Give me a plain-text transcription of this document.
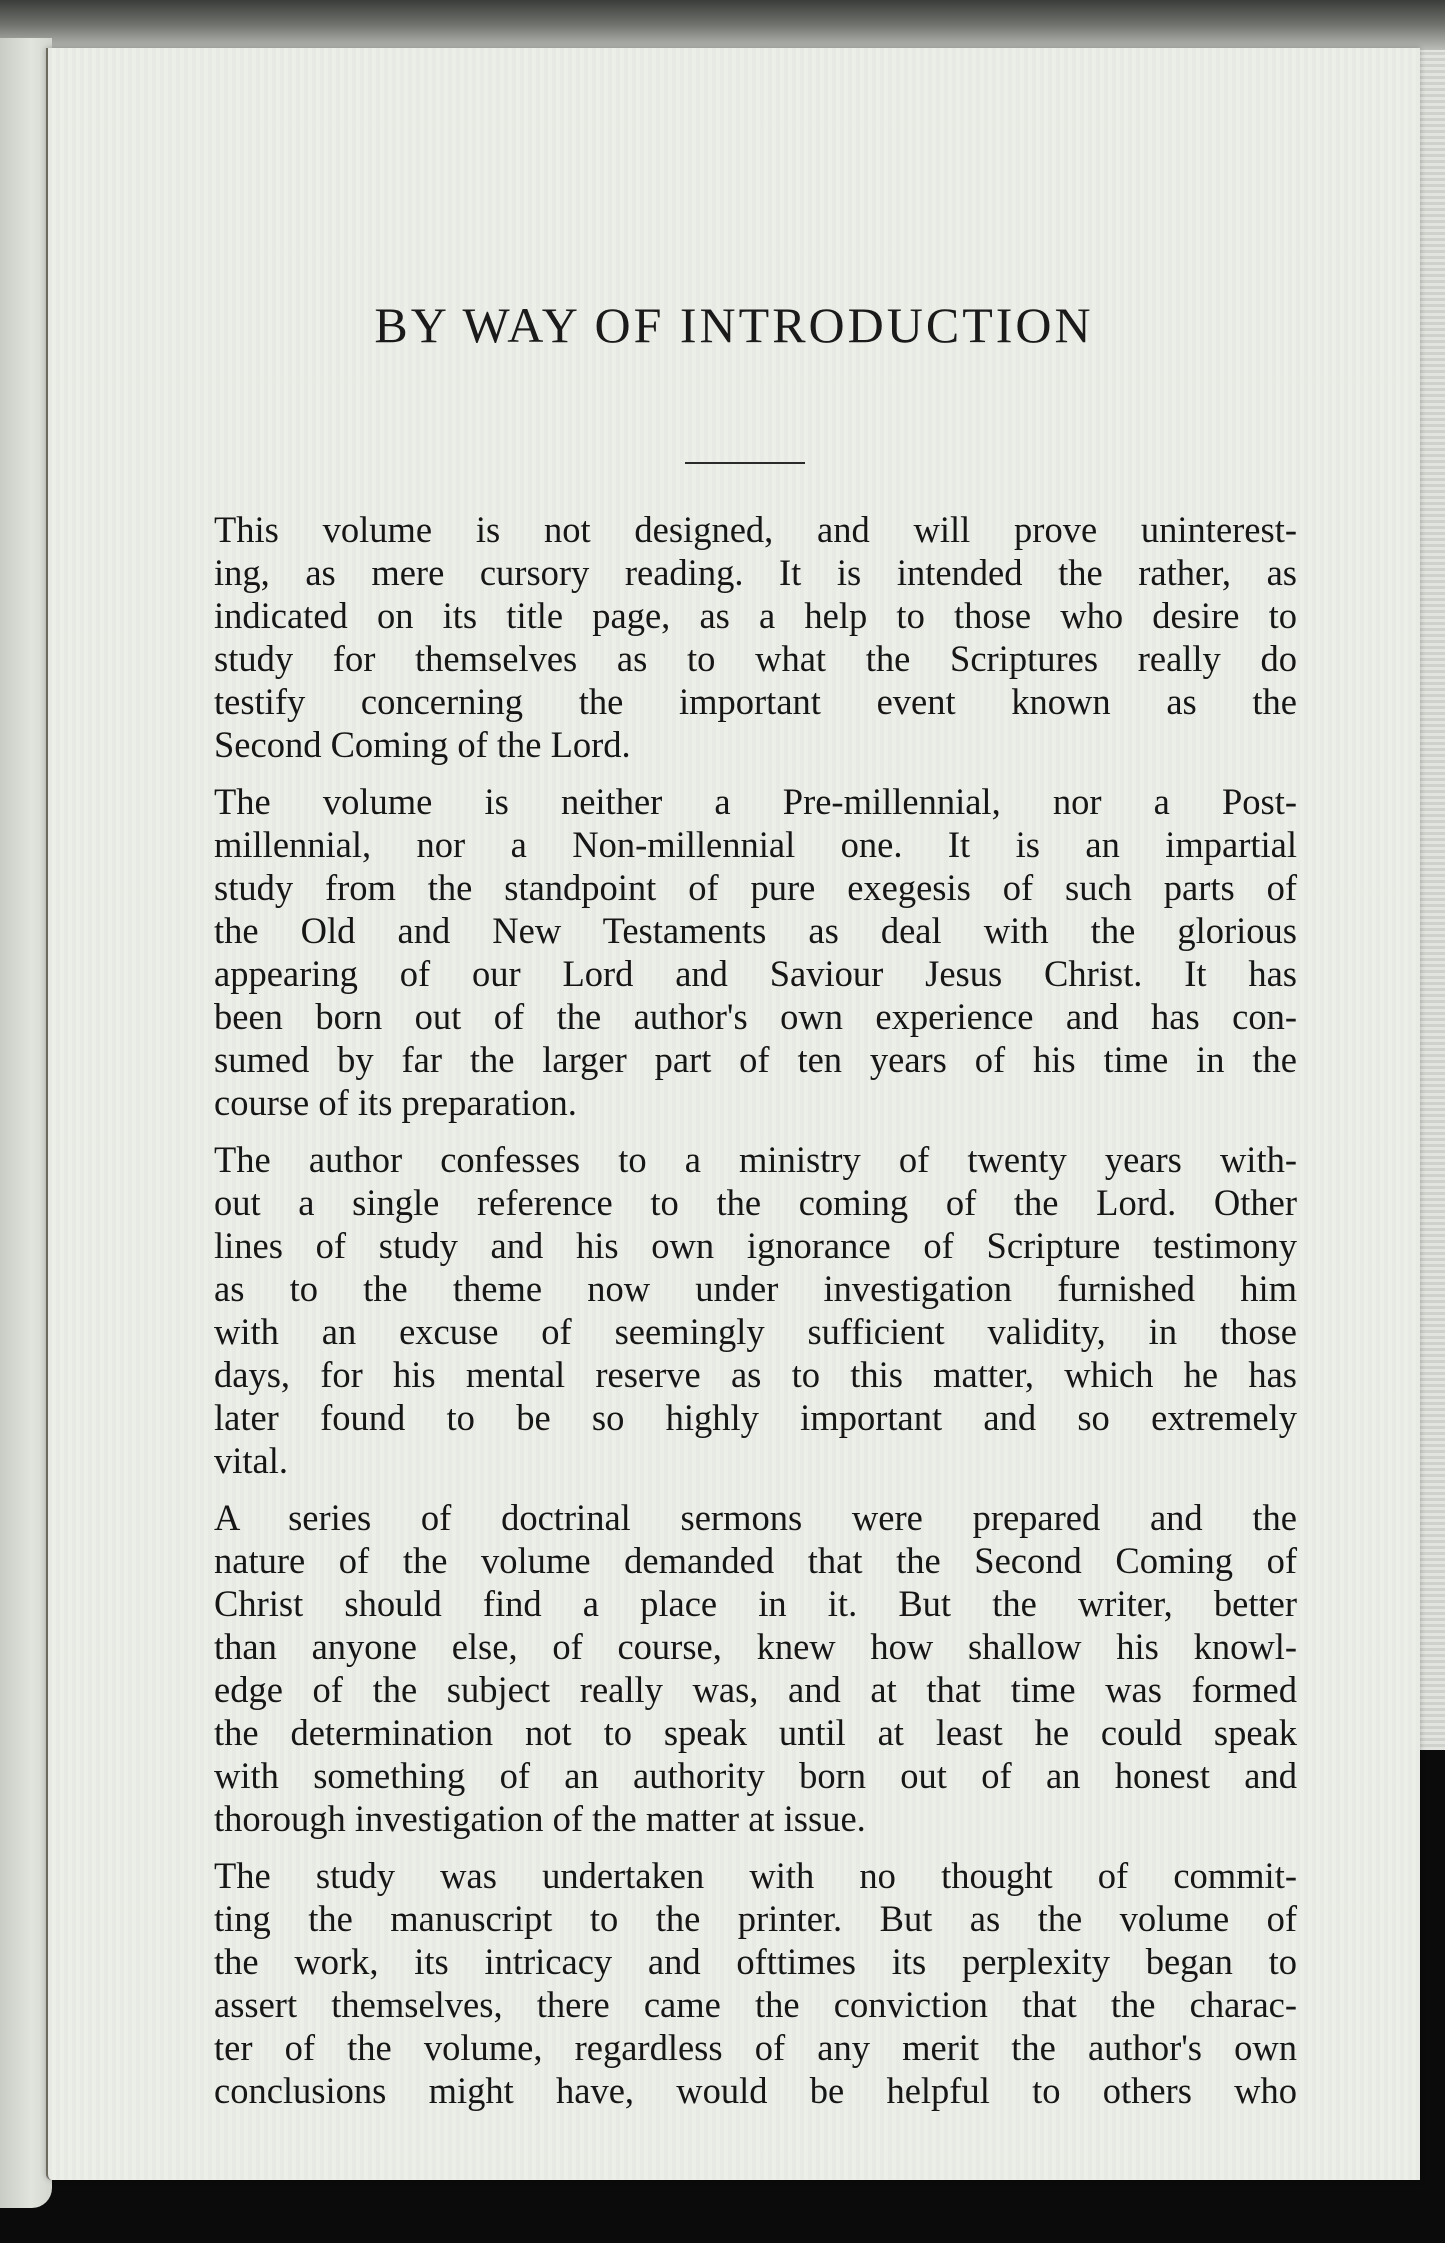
BY WAY OF INTRODUCTION

This volume is not designed, and will prove uninterest-
ing, as mere cursory reading. It is intended the rather, as
indicated on its title page, as a help to those who desire to
study for themselves as to what the Scriptures really do
testify concerning the important event known as the
Second Coming of the Lord.

The volume is neither a Pre-millennial, nor a Post-
millennial, nor a Non-millennial one. It is an impartial
study from the standpoint of pure exegesis of such parts of
the Old and New Testaments as deal with the glorious
appearing of our Lord and Saviour Jesus Christ. It has
been born out of the author's own experience and has con-
sumed by far the larger part of ten years of his time in the
course of its preparation.

The author confesses to a ministry of twenty years with-
out a single reference to the coming of the Lord. Other
lines of study and his own ignorance of Scripture testimony
as to the theme now under investigation furnished him
with an excuse of seemingly sufficient validity, in those
days, for his mental reserve as to this matter, which he has
later found to be so highly important and so extremely
vital.

A series of doctrinal sermons were prepared and the
nature of the volume demanded that the Second Coming of
Christ should find a place in it. But the writer, better
than anyone else, of course, knew how shallow his knowl-
edge of the subject really was, and at that time was formed
the determination not to speak until at least he could speak
with something of an authority born out of an honest and
thorough investigation of the matter at issue.

The study was undertaken with no thought of commit-
ting the manuscript to the printer. But as the volume of
the work, its intricacy and ofttimes its perplexity began to
assert themselves, there came the conviction that the charac-
ter of the volume, regardless of any merit the author's own
conclusions might have, would be helpful to others who
